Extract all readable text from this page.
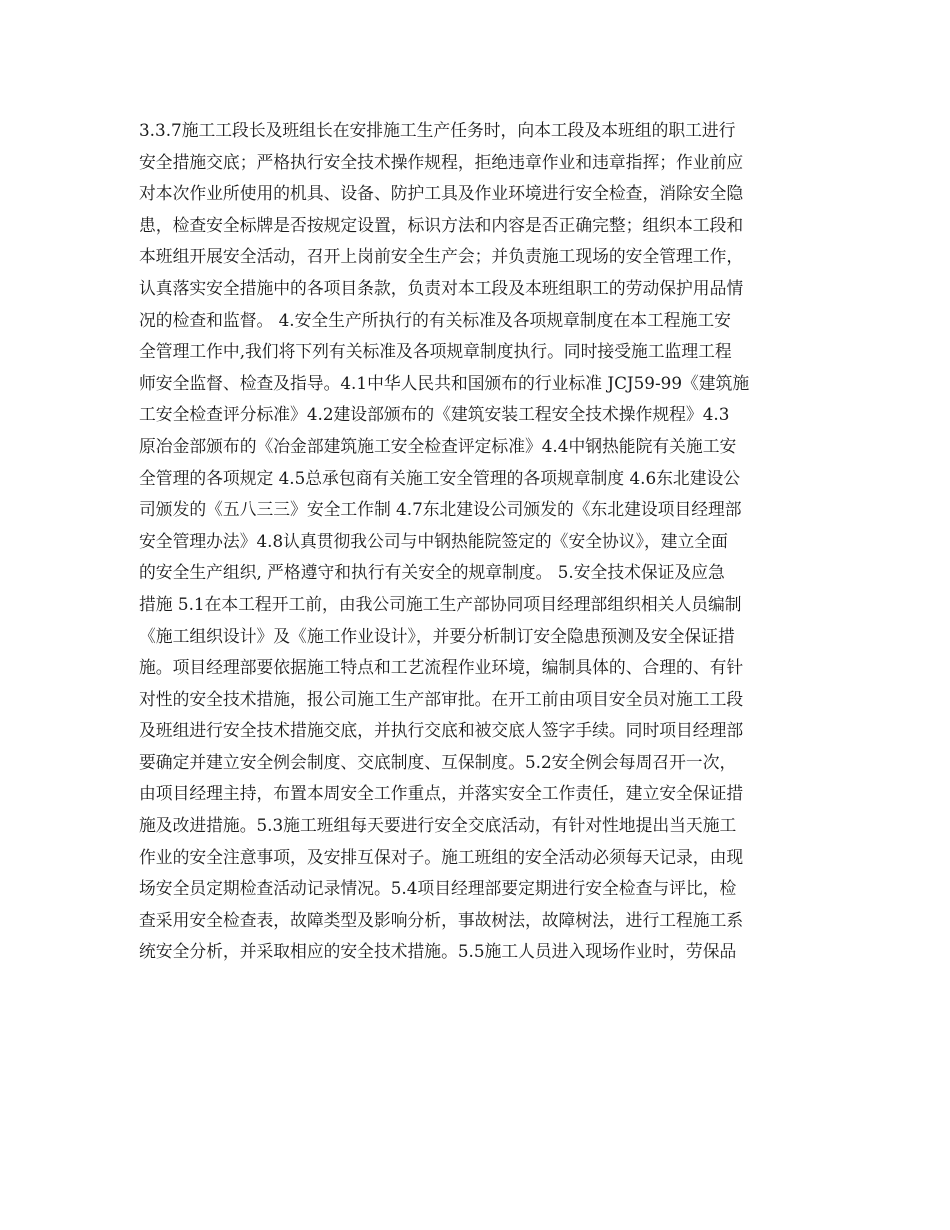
3.3.7施工工段长及班组长在安排施工生产任务时，向本工段及本班组的职工进行
安全措施交底；严格执行安全技术操作规程，拒绝违章作业和违章指挥；作业前应
对本次作业所使用的机具、设备、防护工具及作业环境进行安全检查，消除安全隐
患，检查安全标牌是否按规定设置，标识方法和内容是否正确完整；组织本工段和
本班组开展安全活动，召开上岗前安全生产会；并负责施工现场的安全管理工作，
认真落实安全措施中的各项目条款，负责对本工段及本班组职工的劳动保护用品情
况的检查和监督。 4.安全生产所执行的有关标准及各项规章制度在本工程施工安
全管理工作中,我们将下列有关标准及各项规章制度执行。同时接受施工监理工程
师安全监督、检查及指导。4.1中华人民共和国颁布的行业标准 JCJ59-99《建筑施
工安全检查评分标准》4.2建设部颁布的《建筑安装工程安全技术操作规程》4.3
原冶金部颁布的《冶金部建筑施工安全检查评定标准》4.4中钢热能院有关施工安
全管理的各项规定 4.5总承包商有关施工安全管理的各项规章制度 4.6东北建设公
司颁发的《五八三三》安全工作制 4.7东北建设公司颁发的《东北建设项目经理部
安全管理办法》4.8认真贯彻我公司与中钢热能院签定的《安全协议》，建立全面
的安全生产组织, 严格遵守和执行有关安全的规章制度。 5.安全技术保证及应急
措施 5.1在本工程开工前，由我公司施工生产部协同项目经理部组织相关人员编制
《施工组织设计》及《施工作业设计》，并要分析制订安全隐患预测及安全保证措
施。项目经理部要依据施工特点和工艺流程作业环境，编制具体的、合理的、有针
对性的安全技术措施，报公司施工生产部审批。在开工前由项目安全员对施工工段
及班组进行安全技术措施交底，并执行交底和被交底人签字手续。同时项目经理部
要确定并建立安全例会制度、交底制度、互保制度。5.2安全例会每周召开一次，
由项目经理主持，布置本周安全工作重点，并落实安全工作责任，建立安全保证措
施及改进措施。5.3施工班组每天要进行安全交底活动，有针对性地提出当天施工
作业的安全注意事项，及安排互保对子。施工班组的安全活动必须每天记录，由现
场安全员定期检查活动记录情况。5.4项目经理部要定期进行安全检查与评比，检
查采用安全检查表，故障类型及影响分析，事故树法，故障树法，进行工程施工系
统安全分析，并采取相应的安全技术措施。5.5施工人员进入现场作业时，劳保品
